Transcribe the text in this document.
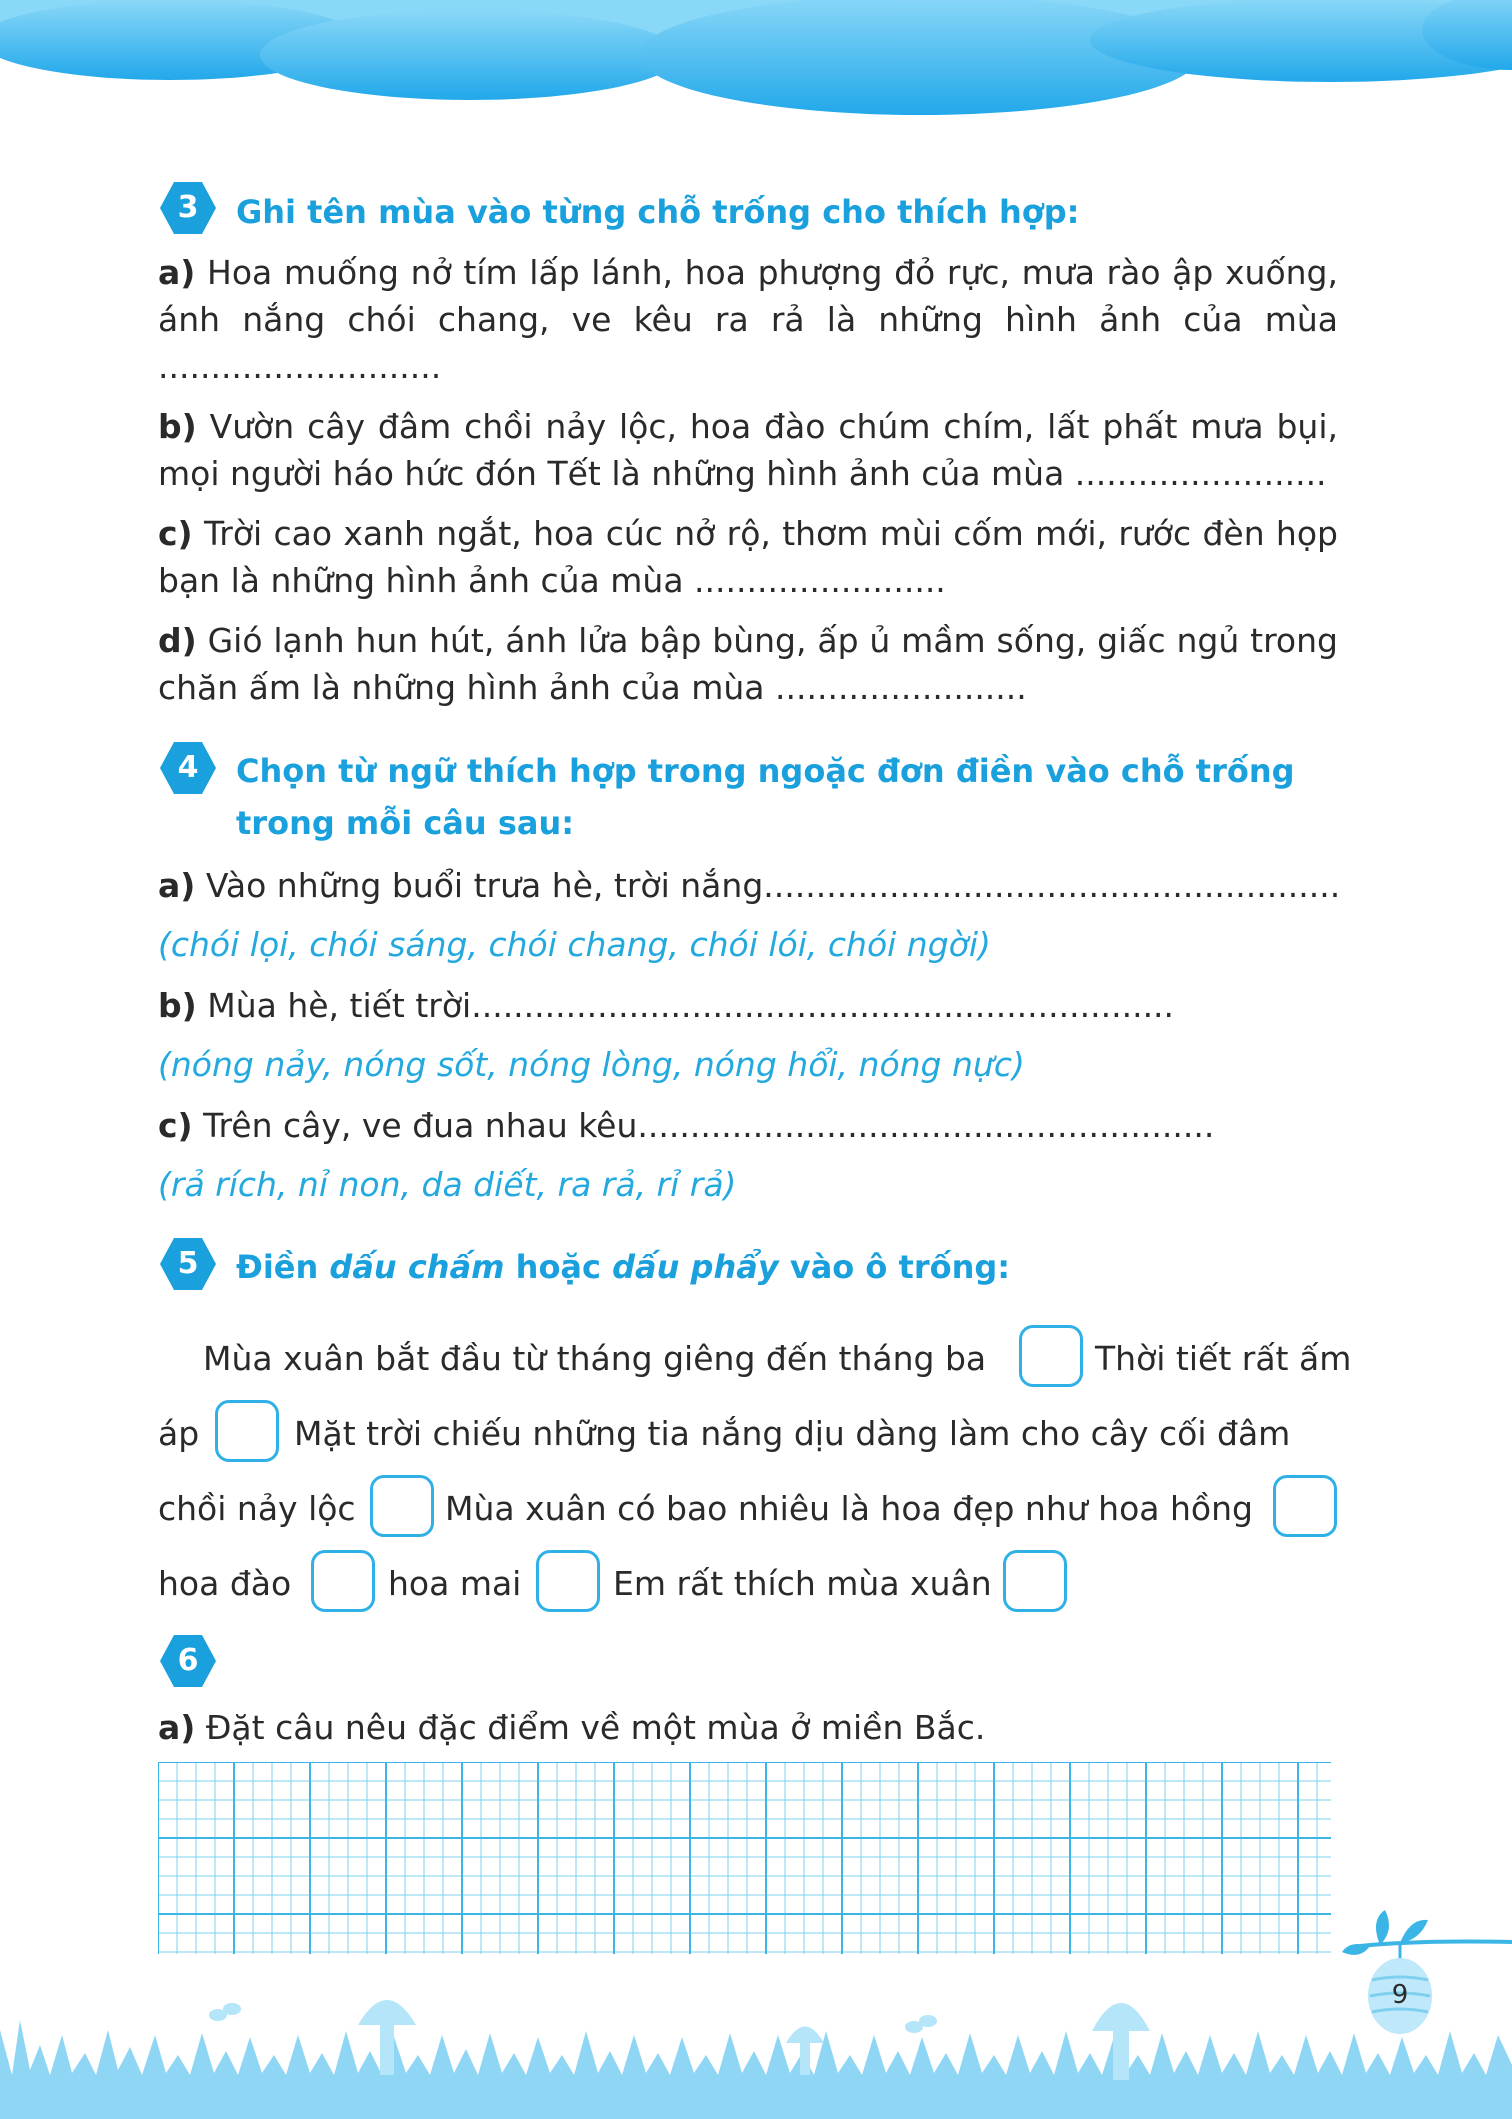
3	Ghi tên mùa vào từng chỗ trống cho thích hợp:
a) Hoa muống nở tím lấp lánh, hoa phượng đỏ rực, mưa rào ập xuống, ánh nắng chói chang, ve kêu ra rả là những hình ảnh của mùa ...........................
b) Vườn cây đâm chồi nảy lộc, hoa đào chúm chím, lất phất mưa bụi, mọi người háo hức đón Tết là những hình ảnh của mùa ........................
c) Trời cao xanh ngắt, hoa cúc nở rộ, thơm mùi cốm mới, rước đèn họp bạn là những hình ảnh của mùa ........................
d) Gió lạnh hun hút, ánh lửa bập bùng, ấp ủ mầm sống, giấc ngủ trong chăn ấm là những hình ảnh của mùa ........................
4	Chọn từ ngữ thích hợp trong ngoặc đơn điền vào chỗ trống trong mỗi câu sau:
a) Vào những buổi trưa hè, trời nắng.......................................................
(chói lọi, chói sáng, chói chang, chói lói, chói ngời)
b) Mùa hè, tiết trời...................................................................
(nóng nảy, nóng sốt, nóng lòng, nóng hổi, nóng nực)
c) Trên cây, ve đua nhau kêu.......................................................
(rả rích, nỉ non, da diết, ra rả, rỉ rả)
5	Điền dấu chấm hoặc dấu phẩy vào ô trống:
Mùa xuân bắt đầu từ tháng giêng đến tháng ba	Thời tiết rất ấm
áp	Mặt trời chiếu những tia nắng dịu dàng làm cho cây cối đâm
chồi nảy lộc	Mùa xuân có bao nhiêu là hoa đẹp như hoa hồng
hoa đào	hoa mai	Em rất thích mùa xuân
6
a) Đặt câu nêu đặc điểm về một mùa ở miền Bắc.
9
